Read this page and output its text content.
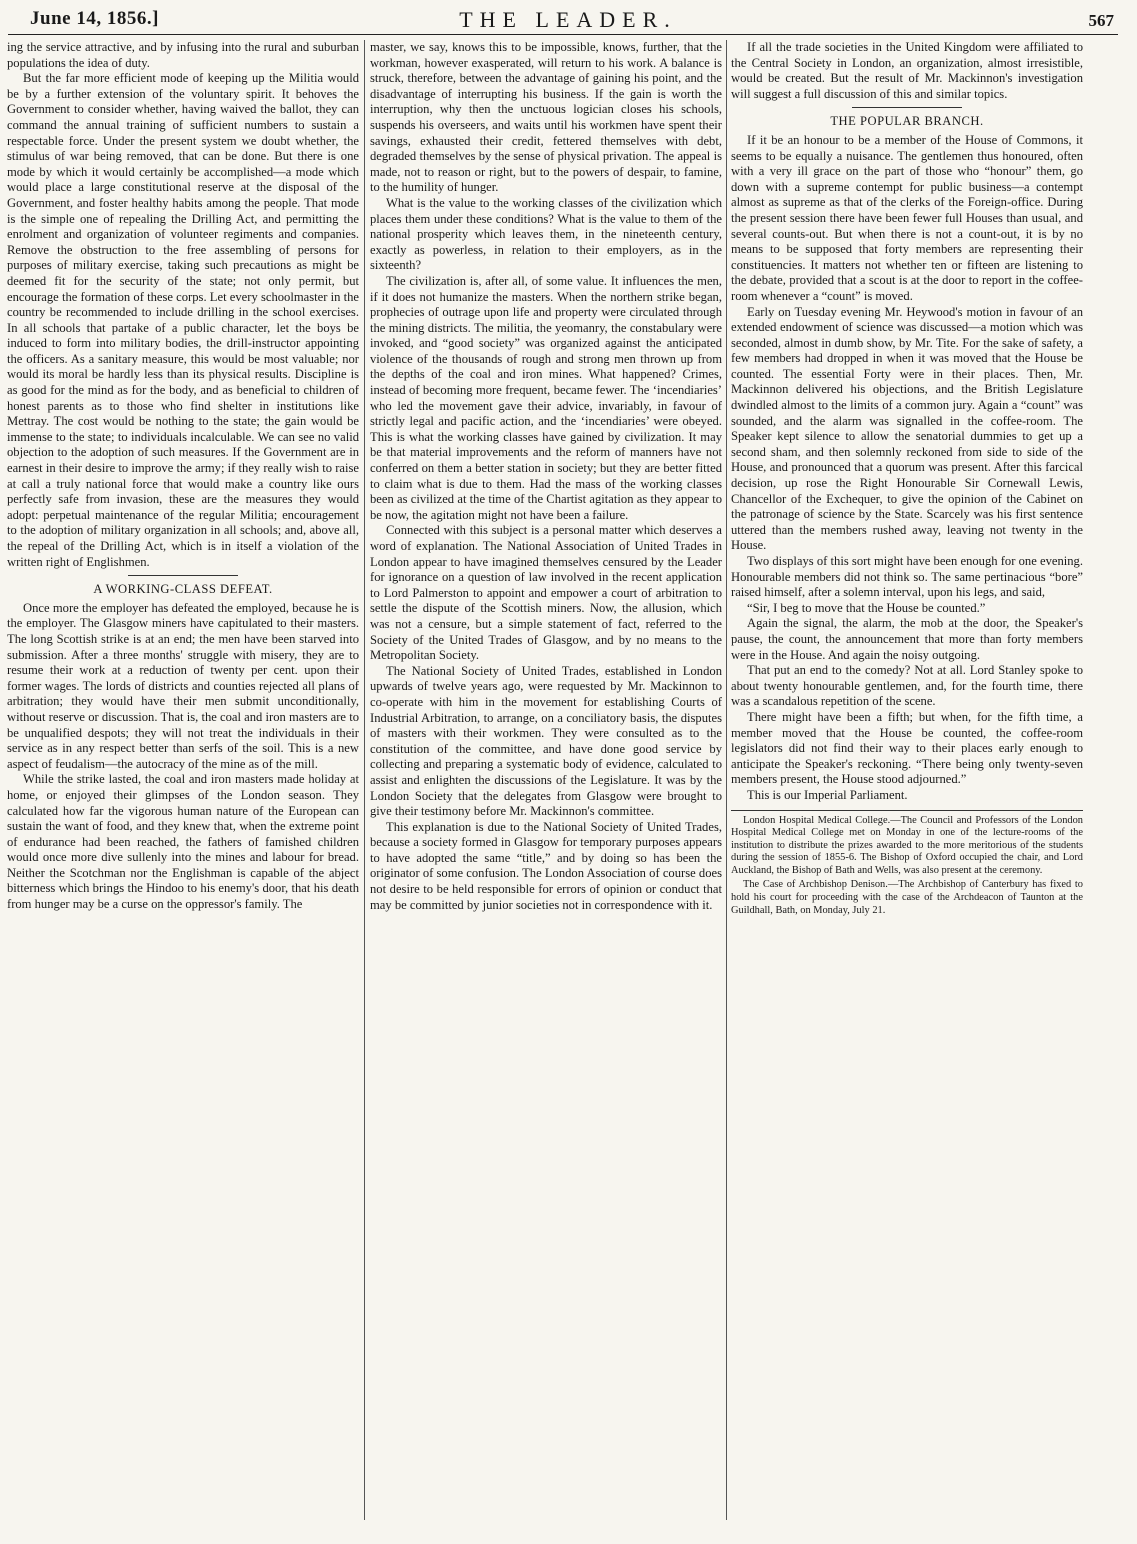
June 14, 1856.]	THE LEADER.	567

ing the service attractive, and by infusing into the rural and suburban populations the idea of duty.

But the far more efficient mode of keeping up the Militia would be by a further extension of the voluntary spirit. It behoves the Government to consider whether, having waived the ballot, they can command the annual training of sufficient numbers to sustain a respectable force. Under the present system we doubt whether, the stimulus of war being removed, that can be done. But there is one mode by which it would certainly be accomplished—a mode which would place a large constitutional reserve at the disposal of the Government, and foster healthy habits among the people. That mode is the simple one of repealing the Drilling Act, and permitting the enrolment and organization of volunteer regiments and companies. Remove the obstruction to the free assembling of persons for purposes of military exercise, taking such precautions as might be deemed fit for the security of the state; not only permit, but encourage the formation of these corps. Let every schoolmaster in the country be recommended to include drilling in the school exercises. In all schools that partake of a public character, let the boys be induced to form into military bodies, the drill-instructor appointing the officers. As a sanitary measure, this would be most valuable; nor would its moral be hardly less than its physical results. Discipline is as good for the mind as for the body, and as beneficial to children of honest parents as to those who find shelter in institutions like Mettray. The cost would be nothing to the state; the gain would be immense to the state; to individuals incalculable. We can see no valid objection to the adoption of such measures. If the Government are in earnest in their desire to improve the army; if they really wish to raise at call a truly national force that would make a country like ours perfectly safe from invasion, these are the measures they would adopt: perpetual maintenance of the regular Militia; encouragement to the adoption of military organization in all schools; and, above all, the repeal of the Drilling Act, which is in itself a violation of the written right of Englishmen.

A WORKING-CLASS DEFEAT.

Once more the employer has defeated the employed, because he is the employer. The Glasgow miners have capitulated to their masters. The long Scottish strike is at an end; the men have been starved into submission. After a three months' struggle with misery, they are to resume their work at a reduction of twenty per cent. upon their former wages. The lords of districts and counties rejected all plans of arbitration; they would have their men submit unconditionally, without reserve or discussion. That is, the coal and iron masters are to be unqualified despots; they will not treat the individuals in their service as in any respect better than serfs of the soil. This is a new aspect of feudalism—the autocracy of the mine as of the mill.

While the strike lasted, the coal and iron masters made holiday at home, or enjoyed their glimpses of the London season. They calculated how far the vigorous human nature of the European can sustain the want of food, and they knew that, when the extreme point of endurance had been reached, the fathers of famished children would once more dive sullenly into the mines and labour for bread. Neither the Scotchman nor the Englishman is capable of the abject bitterness which brings the Hindoo to his enemy's door, that his death from hunger may be a curse on the oppressor's family. The

master, we say, knows this to be impossible, knows, further, that the workman, however exasperated, will return to his work. A balance is struck, therefore, between the advantage of gaining his point, and the disadvantage of interrupting his business. If the gain is worth the interruption, why then the unctuous logician closes his schools, suspends his overseers, and waits until his workmen have spent their savings, exhausted their credit, fettered themselves with debt, degraded themselves by the sense of physical privation. The appeal is made, not to reason or right, but to the powers of despair, to famine, to the humility of hunger.

What is the value to the working classes of the civilization which places them under these conditions? What is the value to them of the national prosperity which leaves them, in the nineteenth century, exactly as powerless, in relation to their employers, as in the sixteenth?

The civilization is, after all, of some value. It influences the men, if it does not humanize the masters. When the northern strike began, prophecies of outrage upon life and property were circulated through the mining districts. The militia, the yeomanry, the constabulary were invoked, and “good society” was organized against the anticipated violence of the thousands of rough and strong men thrown up from the depths of the coal and iron mines. What happened? Crimes, instead of becoming more frequent, became fewer. The ‘incendiaries’ who led the movement gave their advice, invariably, in favour of strictly legal and pacific action, and the ‘incendiaries’ were obeyed. This is what the working classes have gained by civilization. It may be that material improvements and the reform of manners have not conferred on them a better station in society; but they are better fitted to claim what is due to them. Had the mass of the working classes been as civilized at the time of the Chartist agitation as they appear to be now, the agitation might not have been a failure.

Connected with this subject is a personal matter which deserves a word of explanation. The National Association of United Trades in London appear to have imagined themselves censured by the Leader for ignorance on a question of law involved in the recent application to Lord Palmerston to appoint and empower a court of arbitration to settle the dispute of the Scottish miners. Now, the allusion, which was not a censure, but a simple statement of fact, referred to the Society of the United Trades of Glasgow, and by no means to the Metropolitan Society.

The National Society of United Trades, established in London upwards of twelve years ago, were requested by Mr. Mackinnon to co-operate with him in the movement for establishing Courts of Industrial Arbitration, to arrange, on a conciliatory basis, the disputes of masters with their workmen. They were consulted as to the constitution of the committee, and have done good service by collecting and preparing a systematic body of evidence, calculated to assist and enlighten the discussions of the Legislature. It was by the London Society that the delegates from Glasgow were brought to give their testimony before Mr. Mackinnon's committee.

This explanation is due to the National Society of United Trades, because a society formed in Glasgow for temporary purposes appears to have adopted the same “title,” and by doing so has been the originator of some confusion. The London Association of course does not desire to be held responsible for errors of opinion or conduct that may be committed by junior societies not in correspondence with it.

If all the trade societies in the United Kingdom were affiliated to the Central Society in London, an organization, almost irresistible, would be created. But the result of Mr. Mackinnon's investigation will suggest a full discussion of this and similar topics.

THE POPULAR BRANCH.

If it be an honour to be a member of the House of Commons, it seems to be equally a nuisance. The gentlemen thus honoured, often with a very ill grace on the part of those who “honour” them, go down with a supreme contempt for public business—a contempt almost as supreme as that of the clerks of the Foreign-office. During the present session there have been fewer full Houses than usual, and several counts-out. But when there is not a count-out, it is by no means to be supposed that forty members are representing their constituencies. It matters not whether ten or fifteen are listening to the debate, provided that a scout is at the door to report in the coffee-room whenever a “count” is moved.

Early on Tuesday evening Mr. Heywood's motion in favour of an extended endowment of science was discussed—a motion which was seconded, almost in dumb show, by Mr. Tite. For the sake of safety, a few members had dropped in when it was moved that the House be counted. The essential Forty were in their places. Then, Mr. Mackinnon delivered his objections, and the British Legislature dwindled almost to the limits of a common jury. Again a “count” was sounded, and the alarm was signalled in the coffee-room. The Speaker kept silence to allow the senatorial dummies to get up a second sham, and then solemnly reckoned from side to side of the House, and pronounced that a quorum was present. After this farcical decision, up rose the Right Honourable Sir Cornewall Lewis, Chancellor of the Exchequer, to give the opinion of the Cabinet on the patronage of science by the State. Scarcely was his first sentence uttered than the members rushed away, leaving not twenty in the House.

Two displays of this sort might have been enough for one evening. Honourable members did not think so. The same pertinacious “bore” raised himself, after a solemn interval, upon his legs, and said,

“Sir, I beg to move that the House be counted.”

Again the signal, the alarm, the mob at the door, the Speaker's pause, the count, the announcement that more than forty members were in the House. And again the noisy outgoing.

That put an end to the comedy? Not at all. Lord Stanley spoke to about twenty honourable gentlemen, and, for the fourth time, there was a scandalous repetition of the scene.

There might have been a fifth; but when, for the fifth time, a member moved that the House be counted, the coffee-room legislators did not find their way to their places early enough to anticipate the Speaker's reckoning. “There being only twenty-seven members present, the House stood adjourned.”

This is our Imperial Parliament.

London Hospital Medical College.—The Council and Professors of the London Hospital Medical College met on Monday in one of the lecture-rooms of the institution to distribute the prizes awarded to the more meritorious of the students during the session of 1855-6. The Bishop of Oxford occupied the chair, and Lord Auckland, the Bishop of Bath and Wells, was also present at the ceremony.

The Case of Archbishop Denison.—The Archbishop of Canterbury has fixed to hold his court for proceeding with the case of the Archdeacon of Taunton at the Guildhall, Bath, on Monday, July 21.
